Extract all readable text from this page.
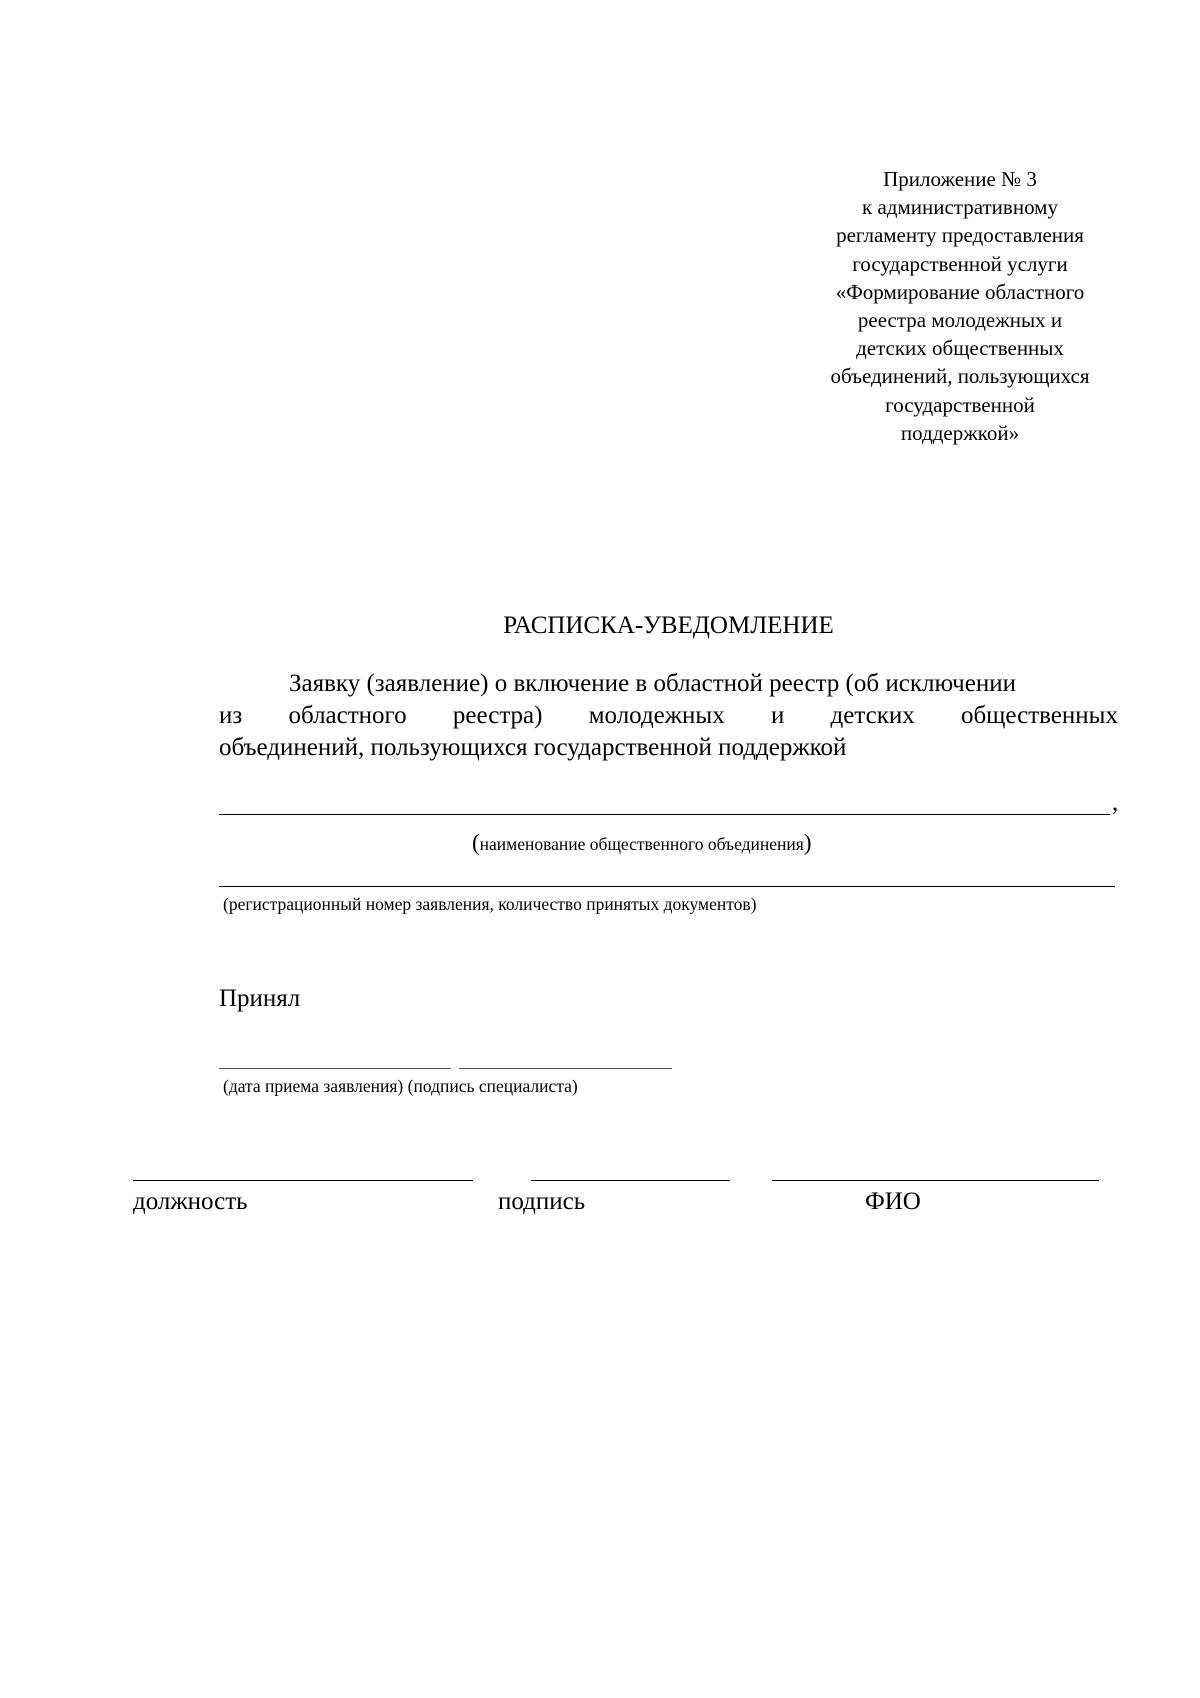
Приложение № 3
к административному
регламенту предоставления
государственной услуги
«Формирование областного
реестра молодежных и
детских общественных
объединений, пользующихся
государственной
поддержкой»
РАСПИСКА-УВЕДОМЛЕНИЕ
Заявку (заявление) о включение в областной реестр (об исключении
из областного реестра) молодежных и детских общественных
объединений, пользующихся государственной поддержкой
,
(наименование общественного объединения)
(регистрационный номер заявления, количество принятых документов)
Принял
(дата приема заявления) (подпись специалиста)
должность	подпись	ФИО
